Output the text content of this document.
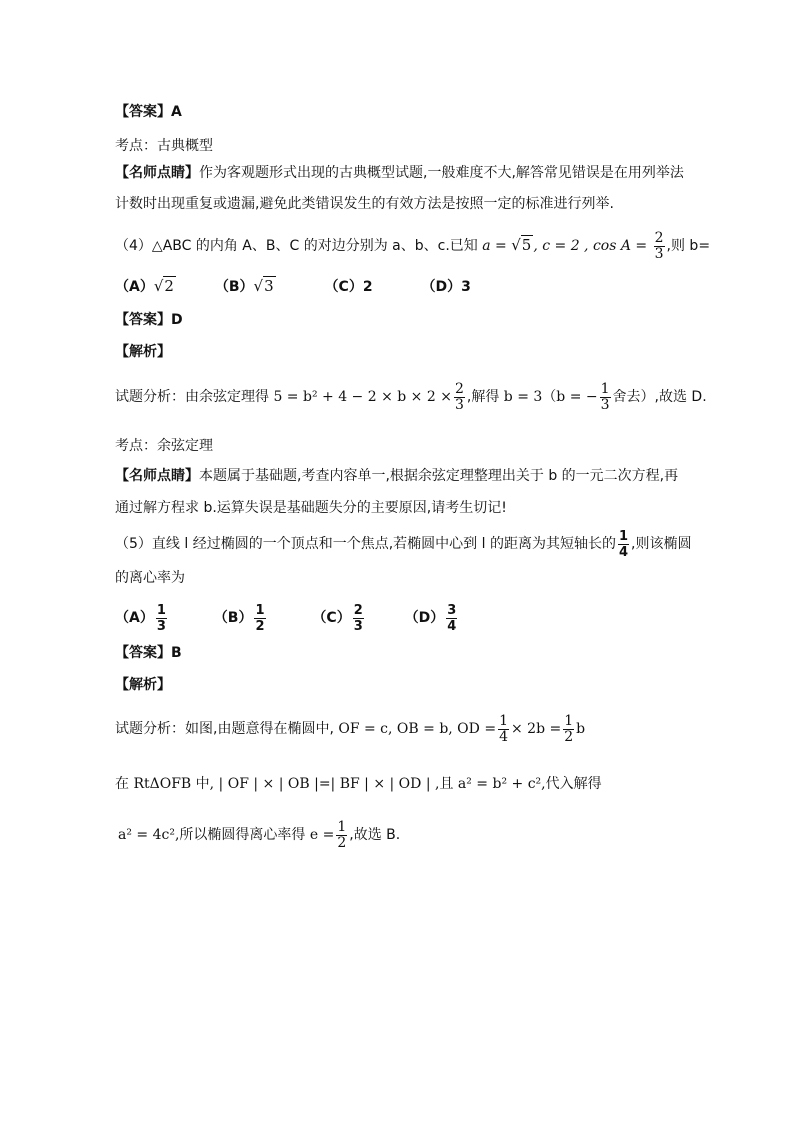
【答案】A
考点：古典概型
【名师点睛】作为客观题形式出现的古典概型试题,一般难度不大,解答常见错误是在用列举法
计数时出现重复或遗漏,避免此类错误发生的有效方法是按照一定的标准进行列举.
（4）△ABC 的内角 A、B、C 的对边分别为 a、b、c.已知 a = √5 , c = 2 , $\cos A = \frac{2}{3}$ ,则 b=
（A）√2	（B）√3	（C）2	（D）3
【答案】D
【解析】
试题分析：由余弦定理得 $5 = b^2 + 4 - 2 \times b \times 2 \times \frac{2}{3}$ ,解得 b = 3（b = − $\frac{1}{3}$ 舍去）,故选 D.
考点：余弦定理
【名师点睛】本题属于基础题,考查内容单一,根据余弦定理整理出关于 b 的一元二次方程,再
通过解方程求 b.运算失误是基础题失分的主要原因,请考生切记!
（5）直线 l 经过椭圆的一个顶点和一个焦点,若椭圆中心到 l 的距离为其短轴长的 $\frac{1}{4}$ ,则该椭圆
的离心率为
$(A) \frac{1}{3}$	$(B) \frac{1}{2}$	$(C) \frac{2}{3}$	$(D) \frac{3}{4}$
【答案】B
【解析】
试题分析：如图,由题意得在椭圆中, OF = c, OB = b, OD = $\frac{1}{4} \times 2b = \frac{1}{2}$ b
在 RtΔOFB 中, | OF | × | OB |=| BF | × | OD | ,且 a² = b² + c²,代入解得
a² = 4c²,所以椭圆得离心率得 $e = \frac{1}{2}$ ,故选 B.
